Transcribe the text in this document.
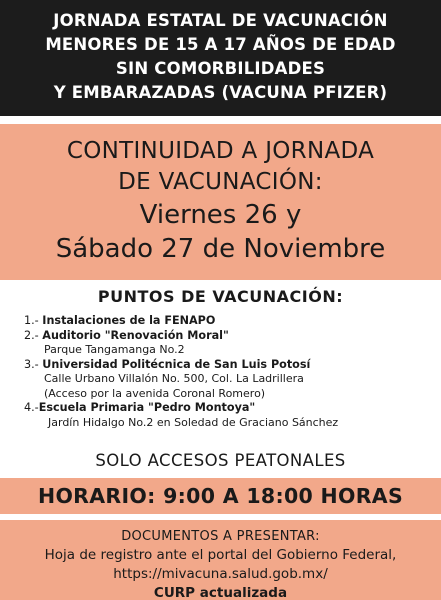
JORNADA ESTATAL DE VACUNACIÓN
MENORES DE 15 A 17 AÑOS DE EDAD
SIN COMORBILIDADES
Y EMBARAZADAS (VACUNA PFIZER)
CONTINUIDAD A JORNADA
DE VACUNACIÓN:
Viernes 26 y
Sábado 27 de Noviembre
PUNTOS DE VACUNACIÓN:
1.- Instalaciones de la FENAPO
2.- Auditorio "Renovación Moral"
Parque Tangamanga No.2
3.- Universidad Politécnica de San Luis Potosí
Calle Urbano Villalón No. 500, Col. La Ladrillera
(Acceso por la avenida Coronal Romero)
4.-Escuela Primaria "Pedro Montoya"
Jardín Hidalgo No.2 en Soledad de Graciano Sánchez
SOLO ACCESOS PEATONALES
HORARIO: 9:00 A 18:00 HORAS
DOCUMENTOS A PRESENTAR:
Hoja de registro ante el portal del Gobierno Federal,
https://mivacuna.salud.gob.mx/
CURP actualizada
